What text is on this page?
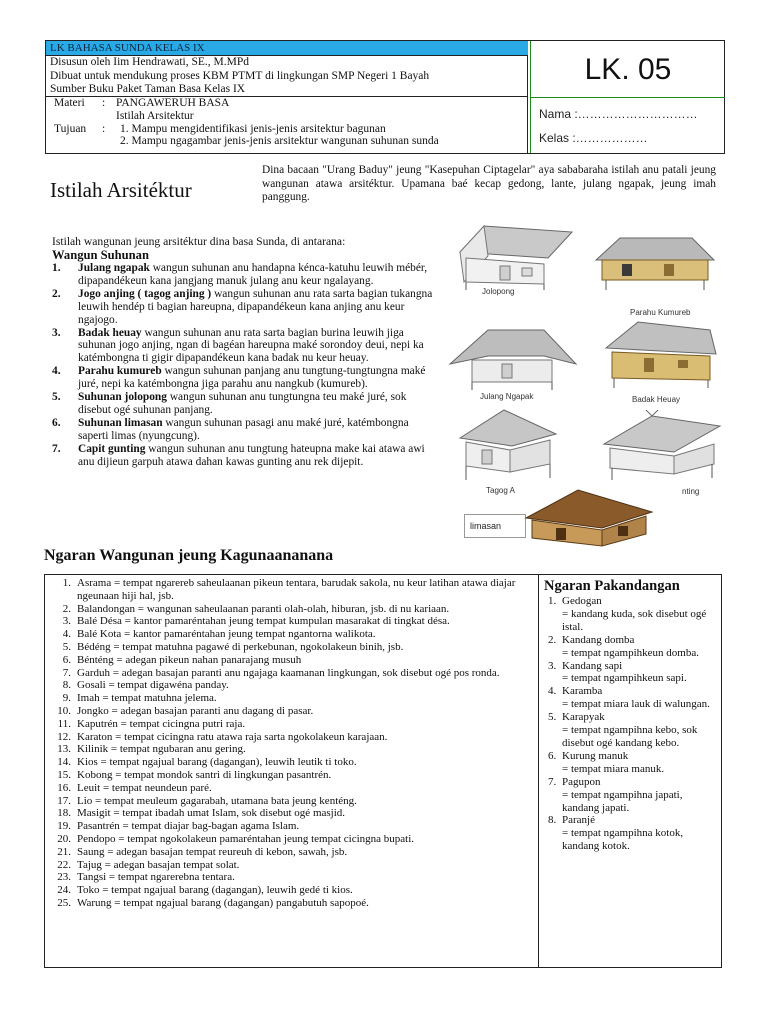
LK BAHASA SUNDA KELAS IX
Disusun oleh Iim Hendrawati, SE., M.MPd
Dibuat untuk mendukung proses KBM PTMT di lingkungan SMP Negeri 1 Bayah
Sumber Buku Paket Taman Basa Kelas IX
Materi : PANGAWERUH BASA
Istilah Arsitektur
Tujuan : 1. Mampu mengidentifikasi jenis-jenis arsitektur bagunan
2. Mampu ngagambar jenis-jenis arsitektur wangunan suhunan sunda
LK. 05
Nama :…………………………
Kelas :………………
Istilah Arsitéktur
Dina bacaan "Urang Baduy" jeung "Kasepuhan Ciptagelar" aya sababaraha istilah anu patali jeung wangunan atawa arsitéktur. Upamana baé kecap gedong, lante, julang ngapak, jeung imah panggung.
Istilah wangunan jeung arsitéktur dina basa Sunda, di antarana:
Wangun Suhunan
1. Julang ngapak wangun suhunan anu handapna kénca-katuhu leuwih mébér, dipapandékeun kana jangjang manuk julang anu keur ngalayang.
2. Jogo anjing ( tagog anjing ) wangun suhunan anu rata sarta bagian tukangna leuwih hendép ti bagian hareupna, dipapandékeun kana anjing anu keur ngajogo.
3. Badak heuay wangun suhunan anu rata sarta bagian burina leuwih jiga suhunan jogo anjing, ngan di bagéan hareupna maké sorondoy deui, nepi ka katémbongna ti gigir dipapandékeun kana badak nu keur heuay.
4. Parahu kumureb wangun suhunan panjang anu tungtung-tungtungna maké juré, nepi ka katémbongna jiga parahu anu nangkub (kumureb).
5. Suhunan jolopong wangun suhunan anu tungtungna teu maké juré, sok disebut ogé suhunan panjang.
6. Suhunan limasan wangun suhunan pasagi anu maké juré, katémbongna saperti limas (nyungcung).
7. Capit gunting wangun suhunan anu tungtung hateupna make kai atawa awi anu dijieun garpuh atawa dahan kawas gunting anu rek dijepit.
Jolopong
Parahu Kumureb
Julang Ngapak	Badak Heuay
Tagog A	nting
limasan
Ngaran Wangunan jeung Kagunaananana
1. Asrama = tempat ngarereb saheulaanan pikeun tentara, barudak sakola, nu keur latihan atawa diajar ngeunaan hiji hal, jsb.
2. Balandongan = wangunan saheulaanan paranti olah-olah, hiburan, jsb. di nu kariaan.
3. Balé Désa = kantor pamaréntahan jeung tempat kumpulan masarakat di tingkat désa.
4. Balé Kota = kantor pamaréntahan jeung tempat ngantorna walikota.
5. Bédéng = tempat matuhna pagawé di perkebunan, ngokolakeun binih, jsb.
6. Bénténg = adegan pikeun nahan panarajang musuh
7. Garduh = adegan basajan paranti anu ngajaga kaamanan lingkungan, sok disebut ogé pos ronda.
8. Gosali = tempat digawéna panday.
9. Imah = tempat matuhna jelema.
10. Jongko = adegan basajan paranti anu dagang di pasar.
11. Kaputrén = tempat cicingna putri raja.
12. Karaton = tempat cicingna ratu atawa raja sarta ngokolakeun karajaan.
13. Kilinik = tempat ngubaran anu gering.
14. Kios = tempat ngajual barang (dagangan), leuwih leutik ti toko.
15. Kobong = tempat mondok santri di lingkungan pasantrén.
16. Leuit = tempat neundeun paré.
17. Lio = tempat meuleum gagarabah, utamana bata jeung kenténg.
18. Masigit = tempat ibadah umat Islam, sok disebut ogé masjid.
19. Pasantrén = tempat diajar bag-bagan agama Islam.
20. Pendopo = tempat ngokolakeun pamaréntahan jeung tempat cicingna bupati.
21. Saung = adegan basajan tempat reureuh di kebon, sawah, jsb.
22. Tajug = adegan basajan tempat solat.
23. Tangsi = tempat ngarerebna tentara.
24. Toko = tempat ngajual barang (dagangan), leuwih gedé ti kios.
25. Warung = tempat ngajual barang (dagangan) pangabutuh sapopoé.
Ngaran Pakandangan
1. Gedogan
= kandang kuda, sok disebut ogé istal.
2. Kandang domba
= tempat ngampihkeun domba.
3. Kandang sapi
= tempat ngampihkeun sapi.
4. Karamba
= tempat miara lauk di walungan.
5. Karapyak
= tempat ngampihna kebo, sok disebut ogé kandang kebo.
6. Kurung manuk
= tempat miara manuk.
7. Pagupon
= tempat ngampihna japati, kandang japati.
8. Paranjé
= tempat ngampihna kotok, kandang kotok.
